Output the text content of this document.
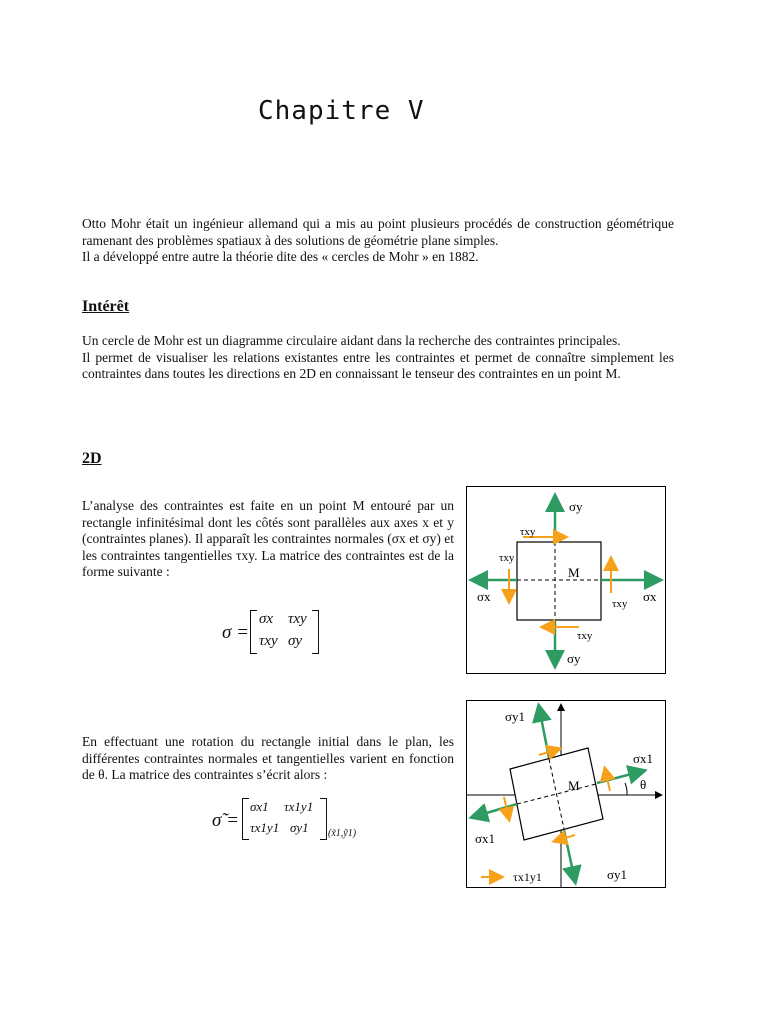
Chapitre V
Otto Mohr était un ingénieur allemand qui a mis au point plusieurs procédés de construction géométrique ramenant des problèmes spatiaux à des solutions de géométrie plane simples.
Il a développé entre autre la théorie dite des « cercles de Mohr » en 1882.
Intérêt
Un cercle de Mohr est un diagramme circulaire aidant dans la recherche des contraintes principales.
Il permet de visualiser les relations existantes entre les contraintes et permet de connaître simplement les contraintes dans toutes les directions en 2D en connaissant le tenseur des contraintes en un point M.
2D

L’analyse des contraintes est faite en un point M entouré par un rectangle infinitésimal dont les côtés sont parallèles aux axes x et y (contraintes planes). Il apparaît les contraintes normales (σx et σy) et les contraintes tangentielles τxy. La matrice des contraintes est de la forme suivante :

σ =
σx τxy
τxy σy

En effectuant une rotation du rectangle initial dans le plan, les différentes contraintes normales et tangentielles varient en fonction de θ. La matrice des contraintes s’écrit alors :

σ̃ =
σx1 τx1y1
τx1y1 σy1 (x̃1,ỹ1)
σy
τxy
τxy
M
σx	τxy σx
τxy
σy
σy1
σx1
θ
M
σx1
τx1y1	σy1
